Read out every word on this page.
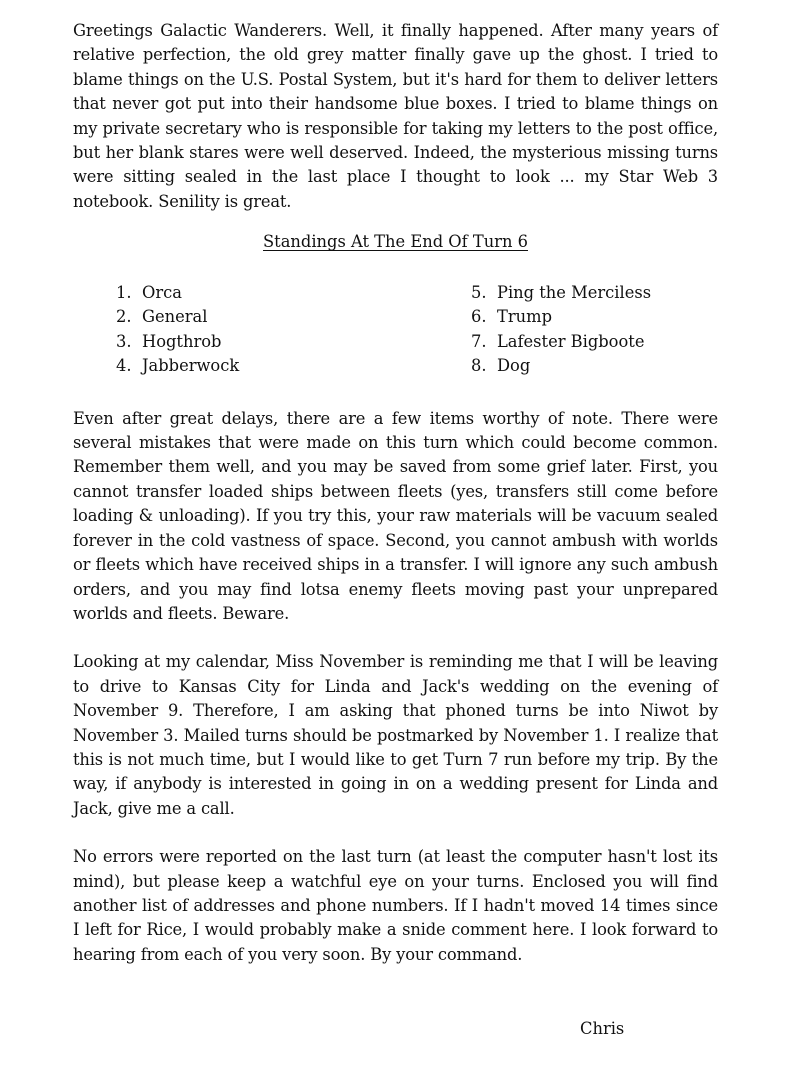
Greetings Galactic Wanderers. Well, it finally happened. After many years of relative perfection, the old grey matter finally gave up the ghost. I tried to blame things on the U.S. Postal System, but it's hard for them to deliver letters that never got put into their handsome blue boxes. I tried to blame things on my private secretary who is responsible for taking my letters to the post office, but her blank stares were well deserved. Indeed, the mysterious missing turns were sitting sealed in the last place I thought to look ... my Star Web 3 notebook. Senility is great.

Standings At The End Of Turn 6
1. Orca
2. General
3. Hogthrob
4. Jabberwock
5. Ping the Merciless
6. Trump
7. Lafester Bigboote
8. Dog

Even after great delays, there are a few items worthy of note. There were several mistakes that were made on this turn which could become common. Remember them well, and you may be saved from some grief later. First, you cannot transfer loaded ships between fleets (yes, transfers still come before loading & unloading). If you try this, your raw materials will be vacuum sealed forever in the cold vastness of space. Second, you cannot ambush with worlds or fleets which have received ships in a transfer. I will ignore any such ambush orders, and you may find lotsa enemy fleets moving past your unprepared worlds and fleets. Beware.

Looking at my calendar, Miss November is reminding me that I will be leaving to drive to Kansas City for Linda and Jack's wedding on the evening of November 9. Therefore, I am asking that phoned turns be into Niwot by November 3. Mailed turns should be postmarked by November 1. I realize that this is not much time, but I would like to get Turn 7 run before my trip. By the way, if anybody is interested in going in on a wedding present for Linda and Jack, give me a call.

No errors were reported on the last turn (at least the computer hasn't lost its mind), but please keep a watchful eye on your turns. Enclosed you will find another list of addresses and phone numbers. If I hadn't moved 14 times since I left for Rice, I would probably make a snide comment here. I look forward to hearing from each of you very soon. By your command.

Chris
